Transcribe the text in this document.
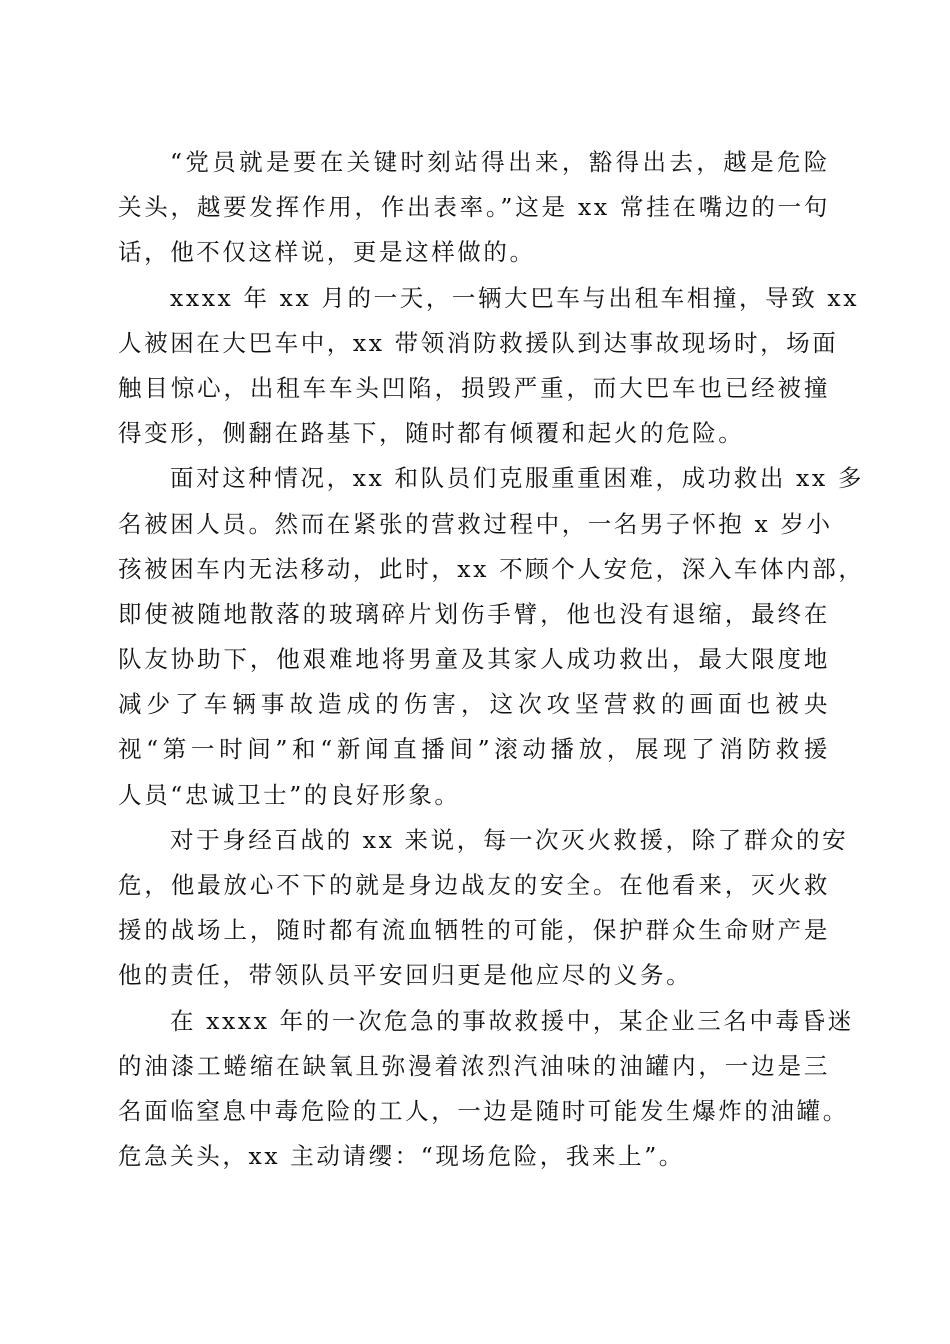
“党员就是要在关键时刻站得出来，豁得出去，越是危险
关头，越要发挥作用，作出表率。”这是 xx 常挂在嘴边的一句
话，他不仅这样说，更是这样做的。
xxxx 年 xx 月的一天，一辆大巴车与出租车相撞，导致 xx
人被困在大巴车中，xx 带领消防救援队到达事故现场时，场面
触目惊心，出租车车头凹陷，损毁严重，而大巴车也已经被撞
得变形，侧翻在路基下，随时都有倾覆和起火的危险。
面对这种情况，xx 和队员们克服重重困难，成功救出 xx 多
名被困人员。然而在紧张的营救过程中，一名男子怀抱 x 岁小
孩被困车内无法移动，此时，xx 不顾个人安危，深入车体内部，
即使被随地散落的玻璃碎片划伤手臂，他也没有退缩，最终在
队友协助下，他艰难地将男童及其家人成功救出，最大限度地
减少了车辆事故造成的伤害，这次攻坚营救的画面也被央
视“第一时间”和“新闻直播间”滚动播放，展现了消防救援
人员“忠诚卫士”的良好形象。
对于身经百战的 xx 来说，每一次灭火救援，除了群众的安
危，他最放心不下的就是身边战友的安全。在他看来，灭火救
援的战场上，随时都有流血牺牲的可能，保护群众生命财产是
他的责任，带领队员平安回归更是他应尽的义务。
在 xxxx 年的一次危急的事故救援中，某企业三名中毒昏迷
的油漆工蜷缩在缺氧且弥漫着浓烈汽油味的油罐内，一边是三
名面临窒息中毒危险的工人，一边是随时可能发生爆炸的油罐。
危急关头，xx 主动请缨：“现场危险，我来上”。
